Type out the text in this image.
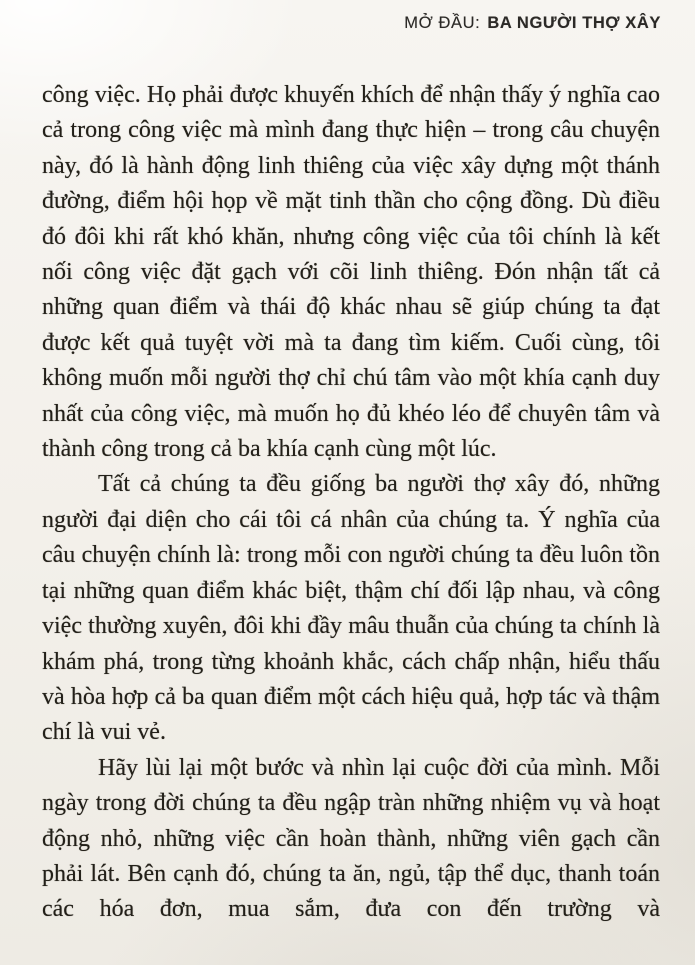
MỞ ĐẦU: BA NGƯỜI THỢ XÂY

công việc. Họ phải được khuyến khích để nhận thấy ý nghĩa cao cả trong công việc mà mình đang thực hiện – trong câu chuyện này, đó là hành động linh thiêng của việc xây dựng một thánh đường, điểm hội họp về mặt tinh thần cho cộng đồng. Dù điều đó đôi khi rất khó khăn, nhưng công việc của tôi chính là kết nối công việc đặt gạch với cõi linh thiêng. Đón nhận tất cả những quan điểm và thái độ khác nhau sẽ giúp chúng ta đạt được kết quả tuyệt vời mà ta đang tìm kiếm. Cuối cùng, tôi không muốn mỗi người thợ chỉ chú tâm vào một khía cạnh duy nhất của công việc, mà muốn họ đủ khéo léo để chuyên tâm và thành công trong cả ba khía cạnh cùng một lúc.

Tất cả chúng ta đều giống ba người thợ xây đó, những người đại diện cho cái tôi cá nhân của chúng ta. Ý nghĩa của câu chuyện chính là: trong mỗi con người chúng ta đều luôn tồn tại những quan điểm khác biệt, thậm chí đối lập nhau, và công việc thường xuyên, đôi khi đầy mâu thuẫn của chúng ta chính là khám phá, trong từng khoảnh khắc, cách chấp nhận, hiểu thấu và hòa hợp cả ba quan điểm một cách hiệu quả, hợp tác và thậm chí là vui vẻ.

Hãy lùi lại một bước và nhìn lại cuộc đời của mình. Mỗi ngày trong đời chúng ta đều ngập tràn những nhiệm vụ và hoạt động nhỏ, những việc cần hoàn thành, những viên gạch cần phải lát. Bên cạnh đó, chúng ta ăn, ngủ, tập thể dục, thanh toán các hóa đơn, mua sắm, đưa con đến trường và
